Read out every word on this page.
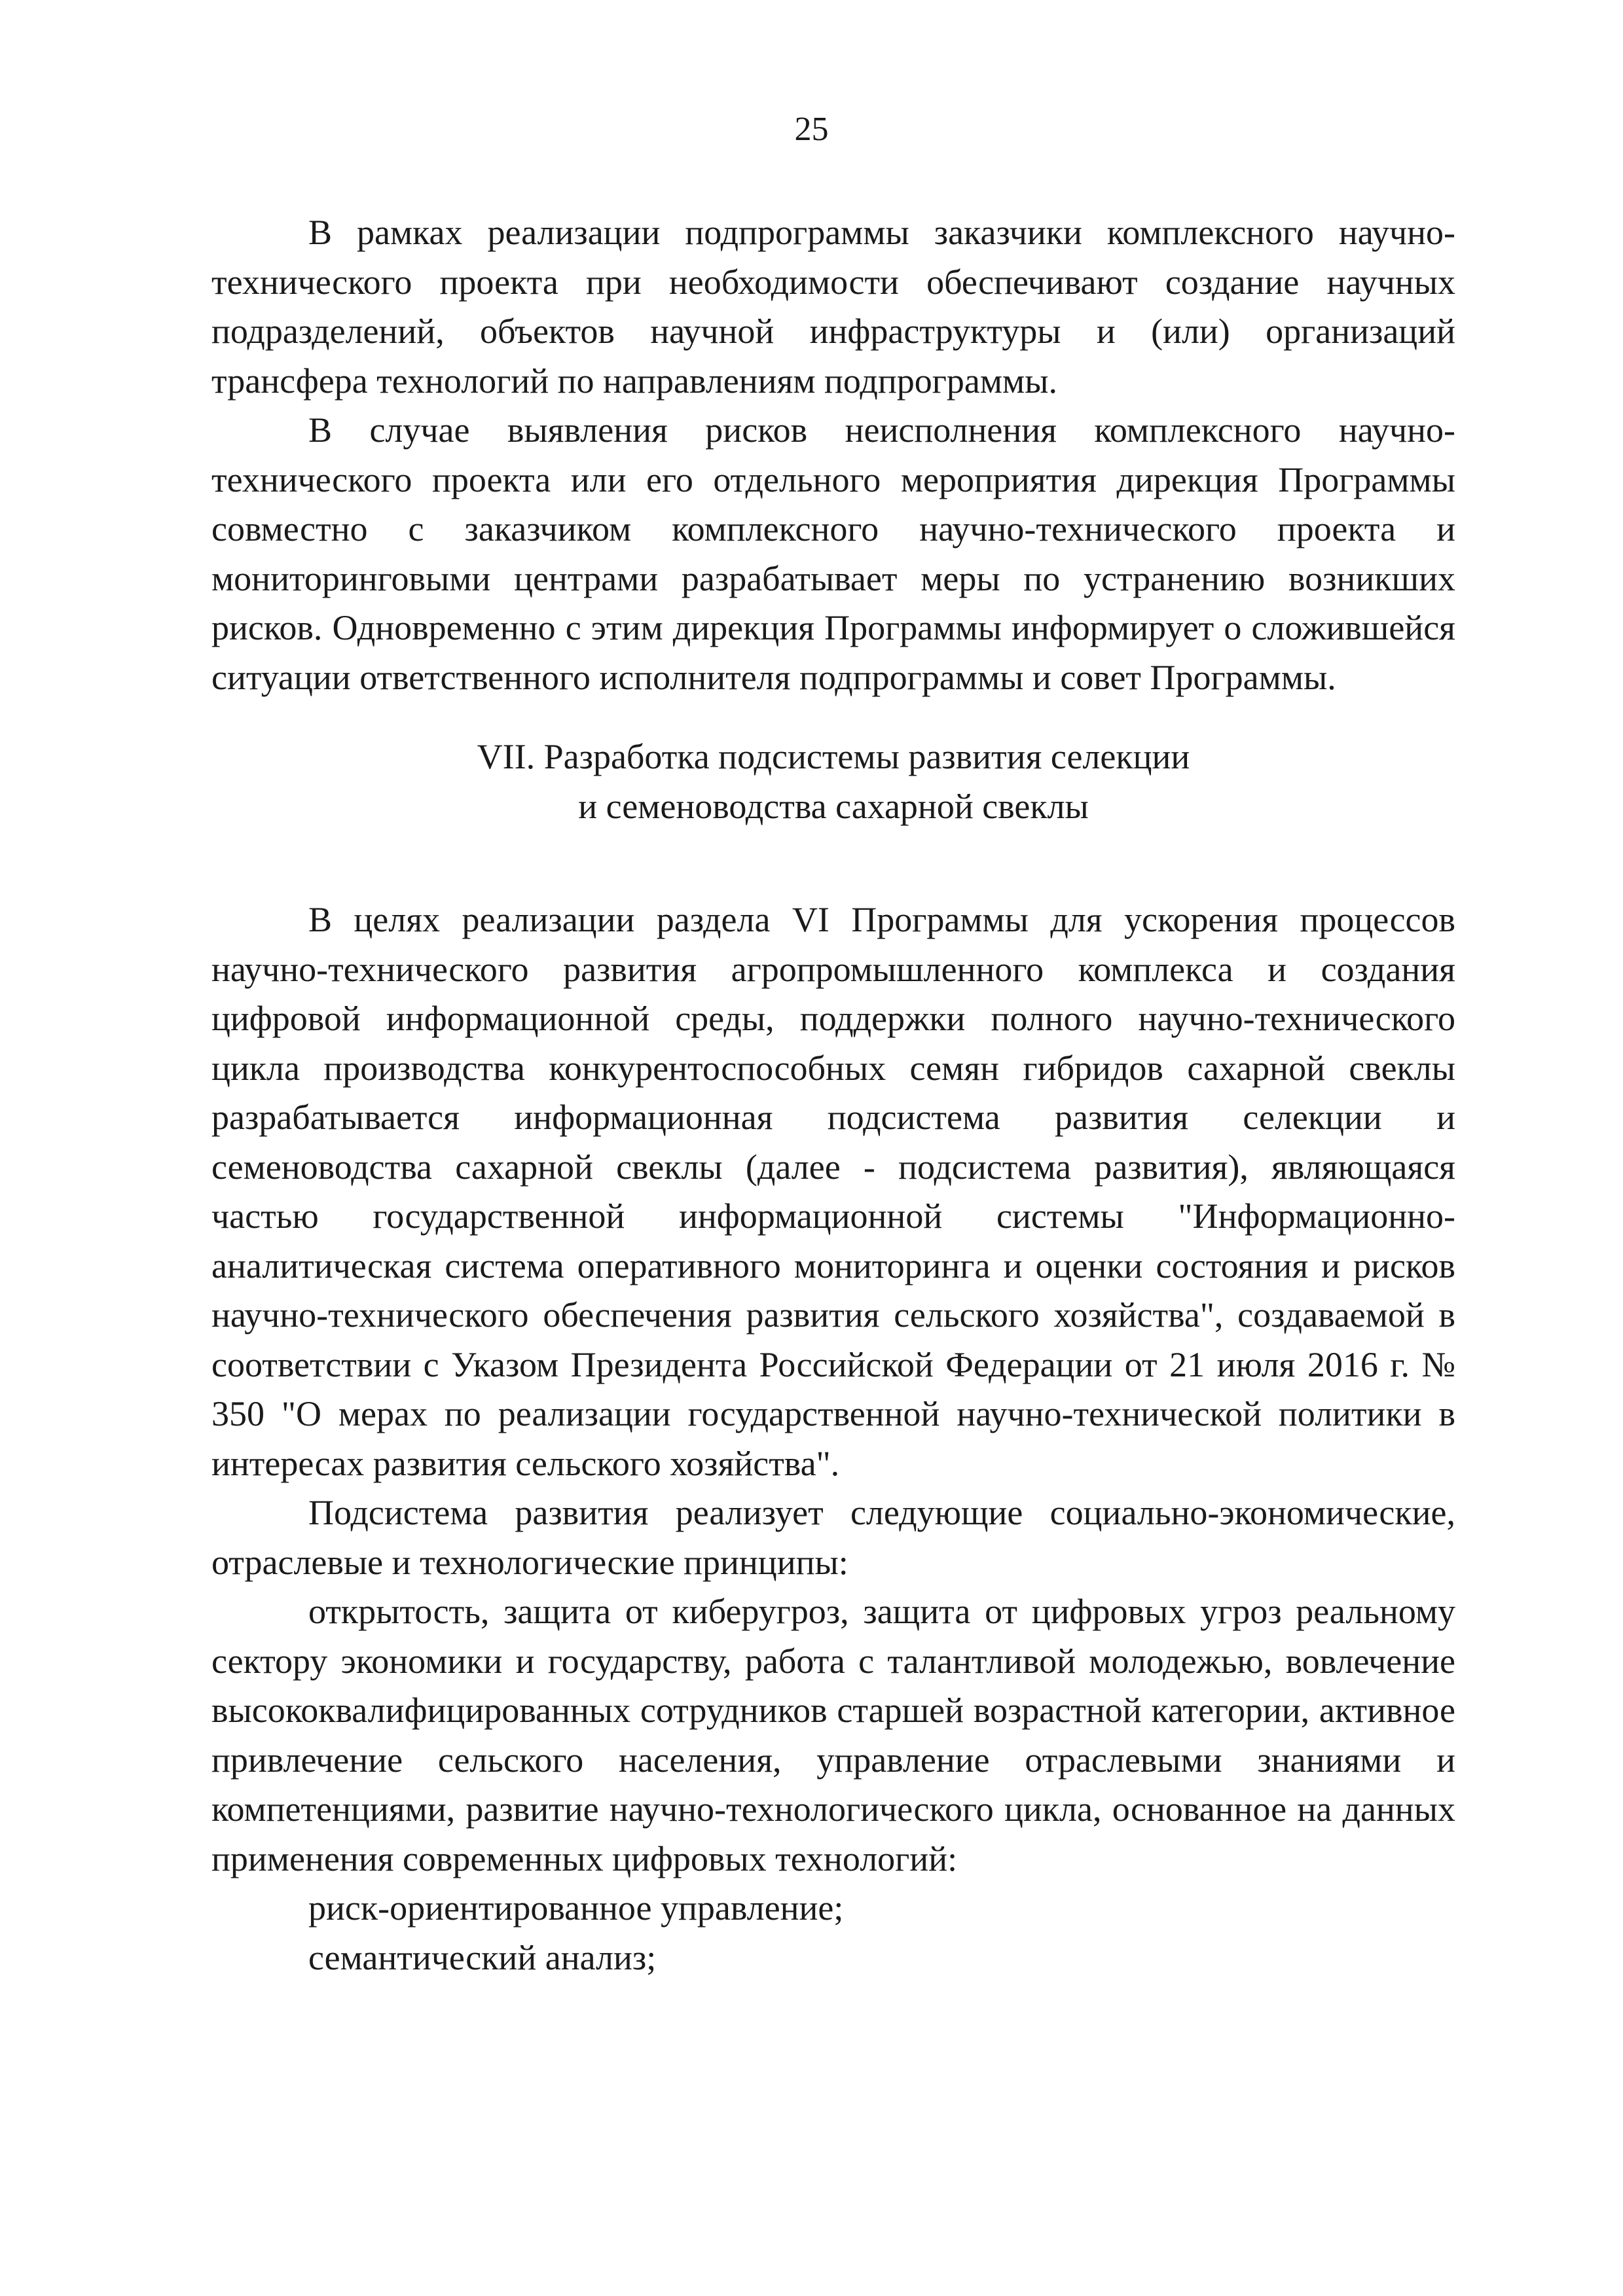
25

В рамках реализации подпрограммы заказчики комплексного научно-технического проекта при необходимости обеспечивают создание научных подразделений, объектов научной инфраструктуры и (или) организаций трансфера технологий по направлениям подпрограммы.

В случае выявления рисков неисполнения комплексного научно-технического проекта или его отдельного мероприятия дирекция Программы совместно с заказчиком комплексного научно-технического проекта и мониторинговыми центрами разрабатывает меры по устранению возникших рисков. Одновременно с этим дирекция Программы информирует о сложившейся ситуации ответственного исполнителя подпрограммы и совет Программы.

VII. Разработка подсистемы развития селекции
и семеноводства сахарной свеклы

В целях реализации раздела VI Программы для ускорения процессов научно-технического развития агропромышленного комплекса и создания цифровой информационной среды, поддержки полного научно-технического цикла производства конкурентоспособных семян гибридов сахарной свеклы разрабатывается информационная подсистема развития селекции и семеноводства сахарной свеклы (далее - подсистема развития), являющаяся частью государственной информационной системы "Информационно-аналитическая система оперативного мониторинга и оценки состояния и рисков научно-технического обеспечения развития сельского хозяйства", создаваемой в соответствии с Указом Президента Российской Федерации от 21 июля 2016 г. № 350 "О мерах по реализации государственной научно-технической политики в интересах развития сельского хозяйства".

Подсистема развития реализует следующие социально-экономические, отраслевые и технологические принципы:

открытость, защита от киберугроз, защита от цифровых угроз реальному сектору экономики и государству, работа с талантливой молодежью, вовлечение высококвалифицированных сотрудников старшей возрастной категории, активное привлечение сельского населения, управление отраслевыми знаниями и компетенциями, развитие научно-технологического цикла, основанное на данных применения современных цифровых технологий:

риск-ориентированное управление;

семантический анализ;
